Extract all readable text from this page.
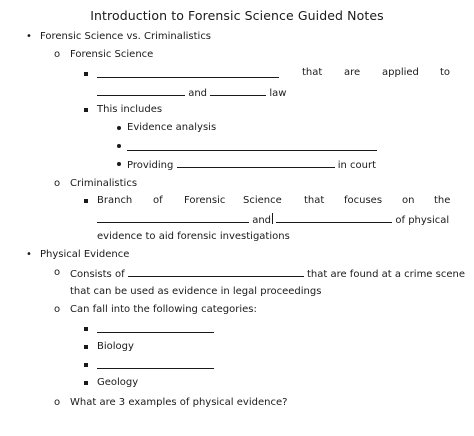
Introduction to Forensic Science Guided Notes
• Forensic Science vs. Criminalistics
o Forensic Science
that are applied to
and	law
This includes
Evidence analysis
Providing	in court
o Criminalistics
Branch of Forensic Science that focuses on the
and	of physical
evidence to aid forensic investigations
• Physical Evidence
o Consists of	that are found at a crime scene
that can be used as evidence in legal proceedings
o Can fall into the following categories:
Biology
Geology
o What are 3 examples of physical evidence?
